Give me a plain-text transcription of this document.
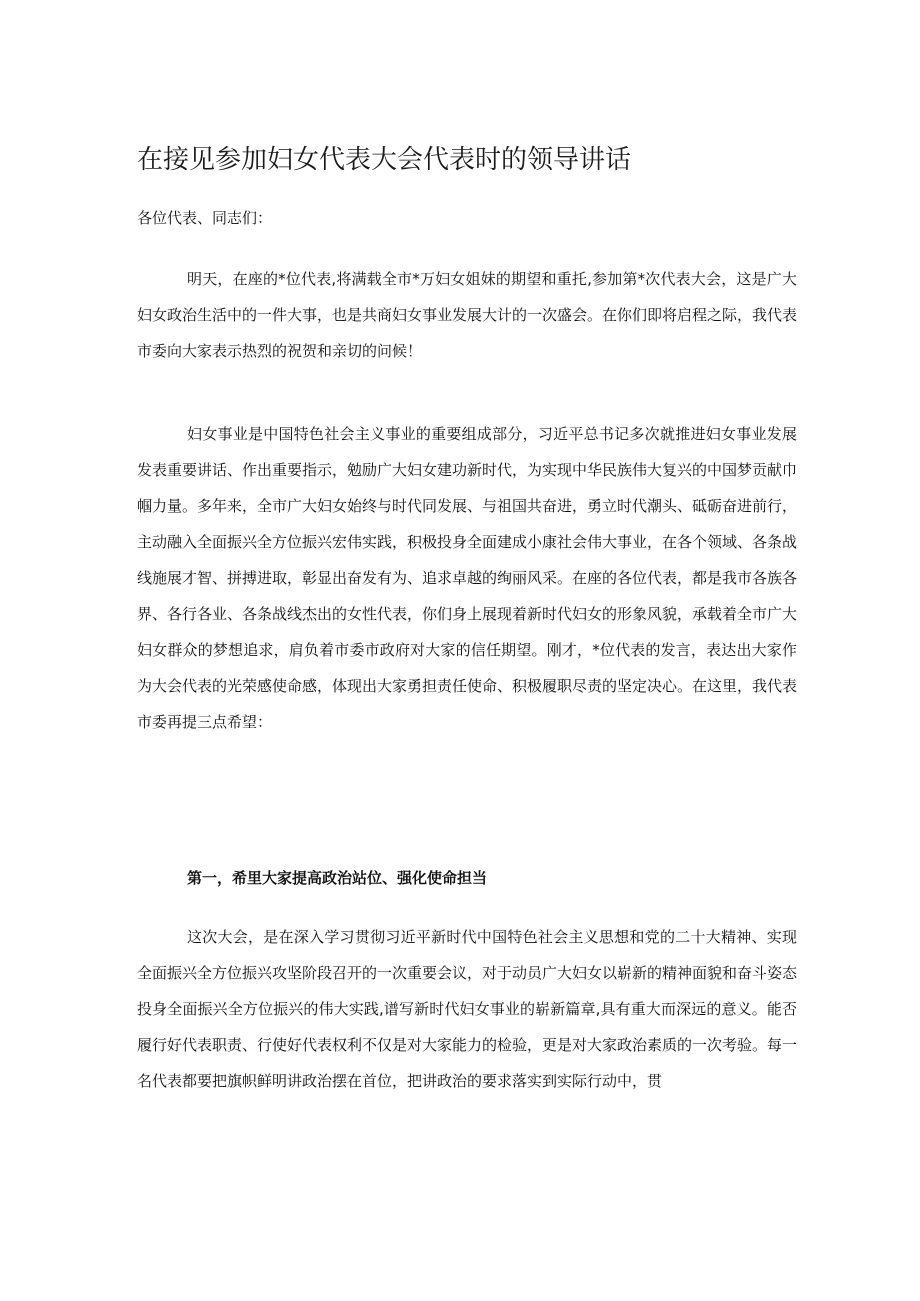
在接见参加妇女代表大会代表时的领导讲话

各位代表、同志们：

明天，在座的*位代表,将满载全市*万妇女姐妹的期望和重托,参加第*次代表大会，这是广大妇女政治生活中的一件大事，也是共商妇女事业发展大计的一次盛会。在你们即将启程之际，我代表市委向大家表示热烈的祝贺和亲切的问候！

妇女事业是中国特色社会主义事业的重要组成部分，习近平总书记多次就推进妇女事业发展发表重要讲话、作出重要指示，勉励广大妇女建功新时代，为实现中华民族伟大复兴的中国梦贡献巾帼力量。多年来，全市广大妇女始终与时代同发展、与祖国共奋进，勇立时代潮头、砥砺奋进前行，主动融入全面振兴全方位振兴宏伟实践，积极投身全面建成小康社会伟大事业，在各个领域、各条战线施展才智、拼搏进取，彰显出奋发有为、追求卓越的绚丽风采。在座的各位代表，都是我市各族各界、各行各业、各条战线杰出的女性代表，你们身上展现着新时代妇女的形象风貌，承载着全市广大妇女群众的梦想追求，肩负着市委市政府对大家的信任期望。刚才，*位代表的发言，表达出大家作为大会代表的光荣感使命感，体现出大家勇担责任使命、积极履职尽责的坚定决心。在这里，我代表市委再提三点希望：

第一，希里大家提高政治站位、强化使命担当

这次大会，是在深入学习贯彻习近平新时代中国特色社会主义思想和党的二十大精神、实现全面振兴全方位振兴攻坚阶段召开的一次重要会议，对于动员广大妇女以崭新的精神面貌和奋斗姿态投身全面振兴全方位振兴的伟大实践,谱写新时代妇女事业的崭新篇章,具有重大而深远的意义。能否履行好代表职责、行使好代表权利不仅是对大家能力的检验，更是对大家政治素质的一次考验。每一名代表都要把旗帜鲜明讲政治摆在首位，把讲政治的要求落实到实际行动中，贯
